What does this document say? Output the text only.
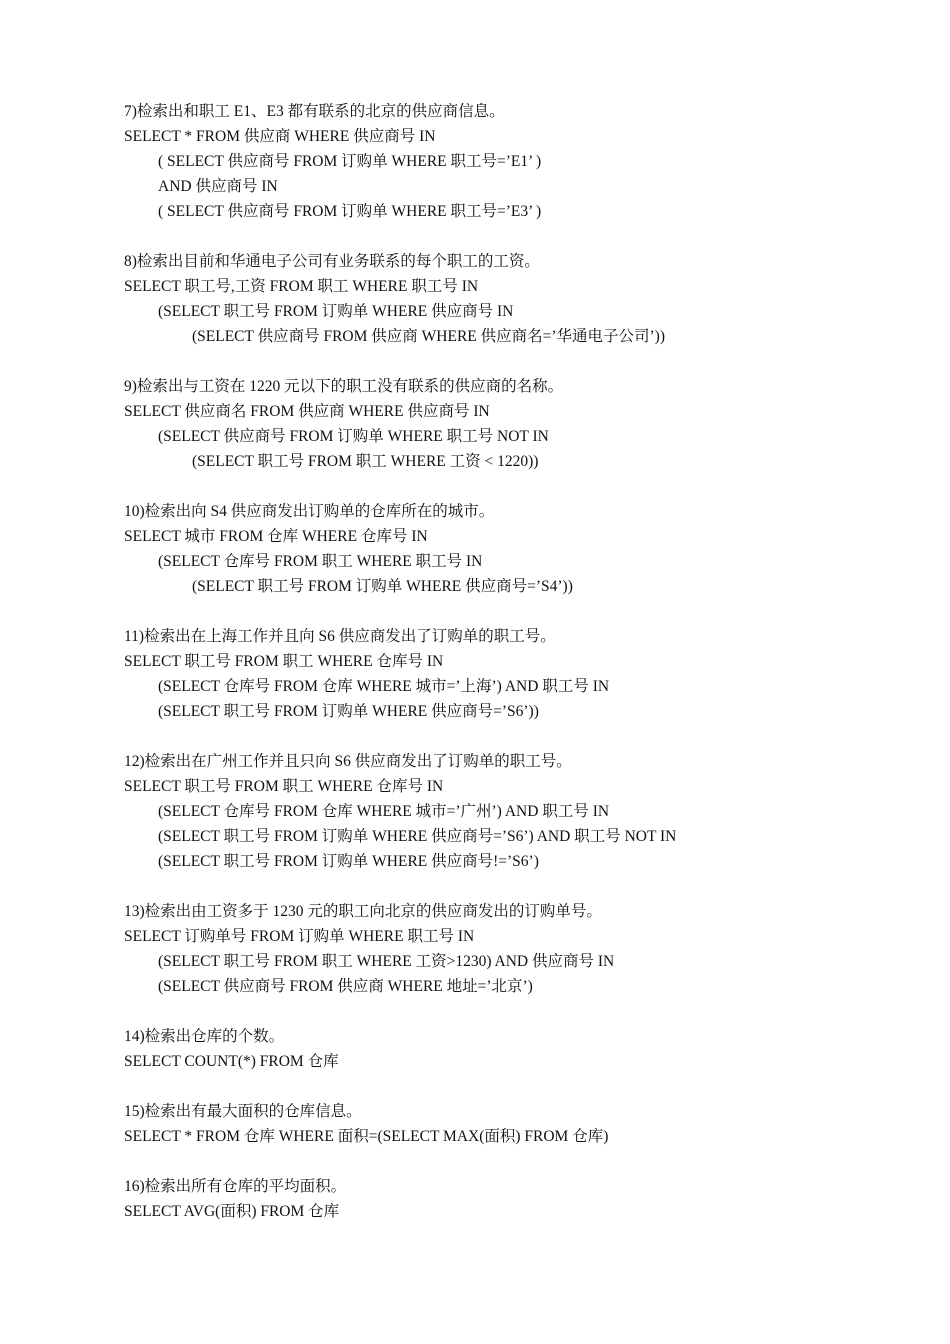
7)检索出和职工 E1、E3 都有联系的北京的供应商信息。
SELECT * FROM 供应商 WHERE 供应商号 IN
( SELECT 供应商号 FROM 订购单 WHERE 职工号=’E1’ )
AND 供应商号 IN
( SELECT 供应商号 FROM 订购单 WHERE 职工号=’E3’ )
8)检索出目前和华通电子公司有业务联系的每个职工的工资。
SELECT 职工号,工资 FROM 职工 WHERE 职工号 IN
(SELECT 职工号 FROM 订购单 WHERE 供应商号 IN
(SELECT 供应商号 FROM 供应商 WHERE 供应商名=’华通电子公司’))
9)检索出与工资在 1220 元以下的职工没有联系的供应商的名称。
SELECT 供应商名 FROM 供应商 WHERE 供应商号 IN
(SELECT 供应商号 FROM 订购单 WHERE 职工号 NOT IN
(SELECT 职工号 FROM 职工 WHERE 工资 < 1220))
10)检索出向 S4 供应商发出订购单的仓库所在的城市。
SELECT 城市 FROM 仓库 WHERE 仓库号 IN
(SELECT 仓库号 FROM 职工 WHERE 职工号 IN
(SELECT 职工号 FROM 订购单 WHERE 供应商号=’S4’))
11)检索出在上海工作并且向 S6 供应商发出了订购单的职工号。
SELECT 职工号 FROM 职工 WHERE 仓库号 IN
(SELECT 仓库号 FROM 仓库 WHERE 城市=’上海’) AND 职工号 IN
(SELECT 职工号 FROM 订购单 WHERE 供应商号=’S6’))
12)检索出在广州工作并且只向 S6 供应商发出了订购单的职工号。
SELECT 职工号 FROM 职工 WHERE 仓库号 IN
(SELECT 仓库号 FROM 仓库 WHERE 城市=’广州’) AND 职工号 IN
(SELECT 职工号 FROM 订购单 WHERE 供应商号=’S6’) AND 职工号 NOT IN
(SELECT 职工号 FROM 订购单 WHERE 供应商号!=’S6’)
13)检索出由工资多于 1230 元的职工向北京的供应商发出的订购单号。
SELECT 订购单号 FROM 订购单 WHERE 职工号 IN
(SELECT 职工号 FROM 职工 WHERE 工资>1230) AND 供应商号 IN
(SELECT 供应商号 FROM 供应商 WHERE 地址=’北京’)
14)检索出仓库的个数。
SELECT COUNT(*) FROM 仓库
15)检索出有最大面积的仓库信息。
SELECT * FROM 仓库 WHERE 面积=(SELECT MAX(面积) FROM 仓库)
16)检索出所有仓库的平均面积。
SELECT AVG(面积) FROM 仓库
